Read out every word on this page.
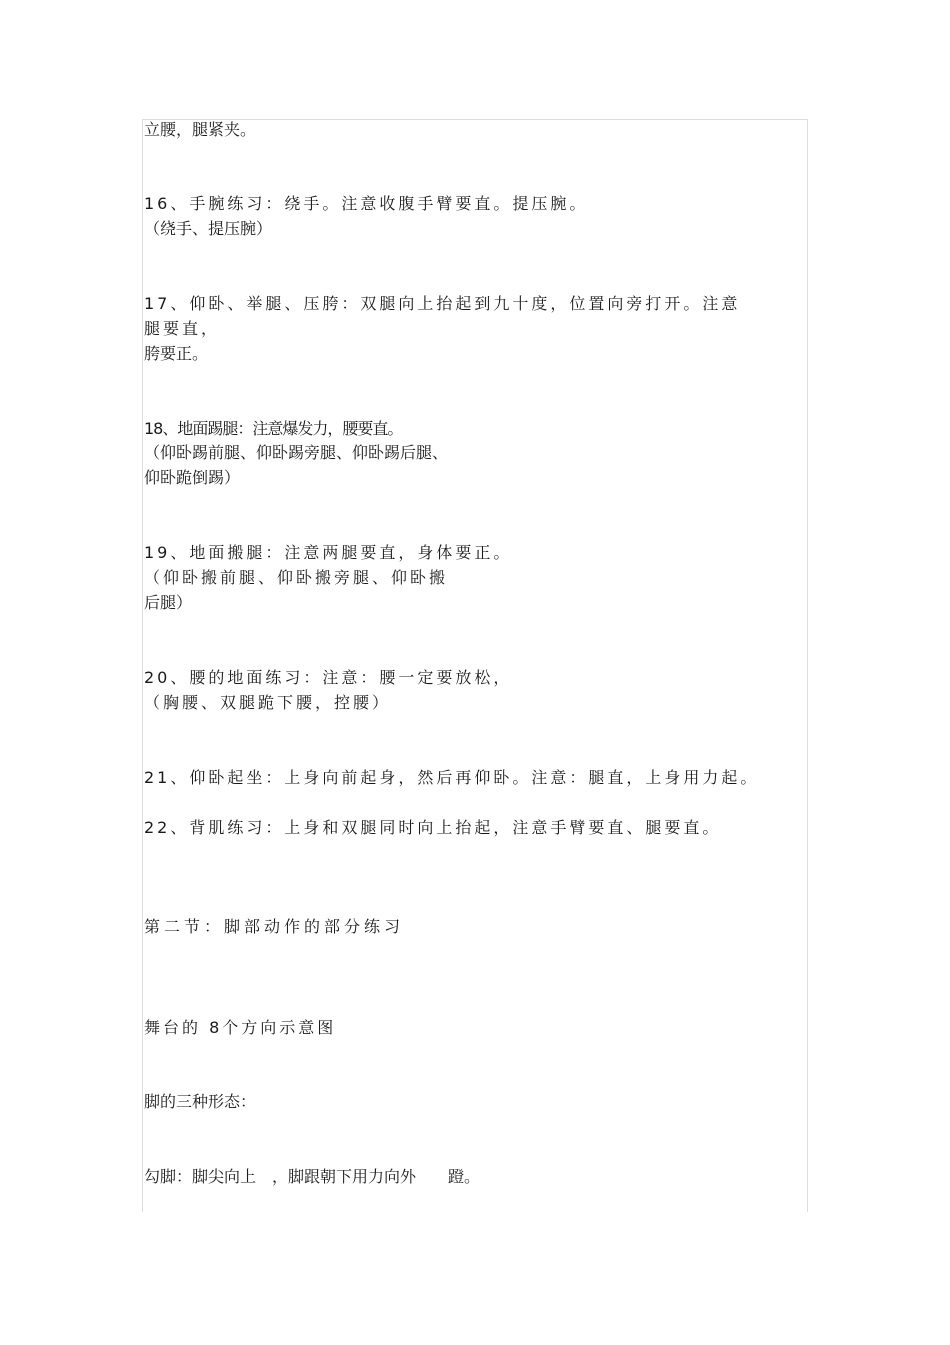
立腰，腿紧夹。
16、手腕练习：绕手。注意收腹手臂要直。提压腕。
（绕手、提压腕）
17、仰卧、举腿、压胯：双腿向上抬起到九十度，位置向旁打开。注意
腿要直，
胯要正。
18、地面踢腿：注意爆发力，腰要直。
（仰卧踢前腿、仰卧踢旁腿、仰卧踢后腿、
仰卧跪倒踢）
19、地面搬腿：注意两腿要直，身体要正。
（仰卧搬前腿、仰卧搬旁腿、仰卧搬
后腿）
20、腰的地面练习：注意：腰一定要放松，
（胸腰、双腿跪下腰，控腰）
21、仰卧起坐：上身向前起身，然后再仰卧。注意：腿直，上身用力起。
22、背肌练习：上身和双腿同时向上抬起，注意手臂要直、腿要直。
第二节：脚部动作的部分练习
舞台的 8个方向示意图
脚的三种形态：
勾脚：脚尖向上　，脚跟朝下用力向外　　蹬。
